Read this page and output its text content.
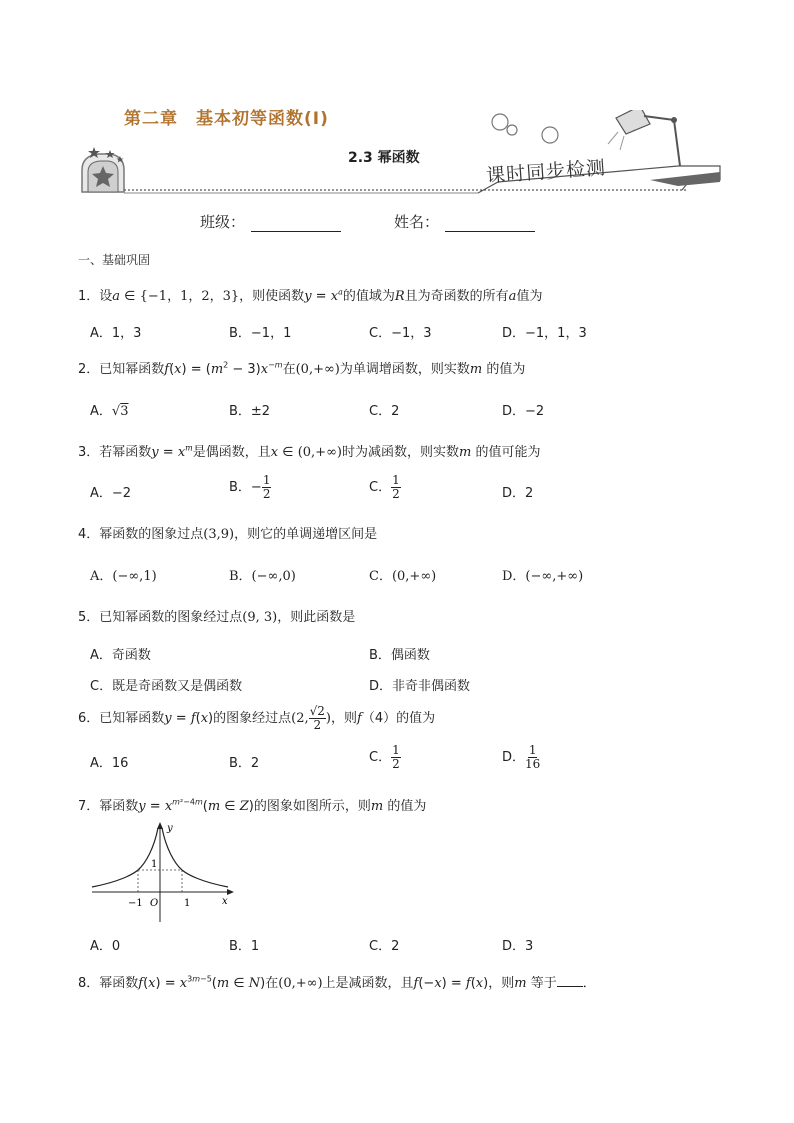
第二章　基本初等函数(Ⅰ)
2.3 幂函数	课时同步检测
班级：	姓名：
一、基础巩固
1．设a ∈ {−1，1，2，3}，则使函数$y = x^a$的值域为R且为奇函数的所有a值为
A．1，3	B．−1，1	C．−1，3	D．−1，1，3
2．已知幂函数$f(x) = (m^2 - 3)x^{-m}$在(0,+∞)为单调增函数，则实数m 的值为
A．√3	B．±2	C．2	D．−2
3．若幂函数$y = x^m$是偶函数，且x ∈ (0,+∞)时为减函数，则实数m 的值可能为
A．−2	B．− $\frac{1}{2}$	C． $\frac{1}{2}$	D．2
4．幂函数的图象过点(3,9)，则它的单调递增区间是
A．(−∞,1)	B．(−∞,0)	C．(0,+∞)	D．(−∞,+∞)
5．已知幂函数的图象经过点(9, 3)，则此函数是
A．奇函数	B．偶函数
C．既是奇函数又是偶函数	D．非奇非偶函数
6．已知幂函数y = f(x)的图象经过点(2, $\frac{√2}{2}$ )，则f（4）的值为
A．16	B．2	C． $\frac{1}{2}$	D． $\frac{1}{16}$
7．幂函数$y = x^{m^2-4m}(m$ ∈ Z)的图象如图所示，则m 的值为
y
x
1
−1 O	1
A．0	B．1	C．2	D．3
8．幂函数$f(x) = x^{3m-5}(m$ ∈ N)在(0,+∞)上是减函数，且f(−x) = f(x)，则m 等于 ．
